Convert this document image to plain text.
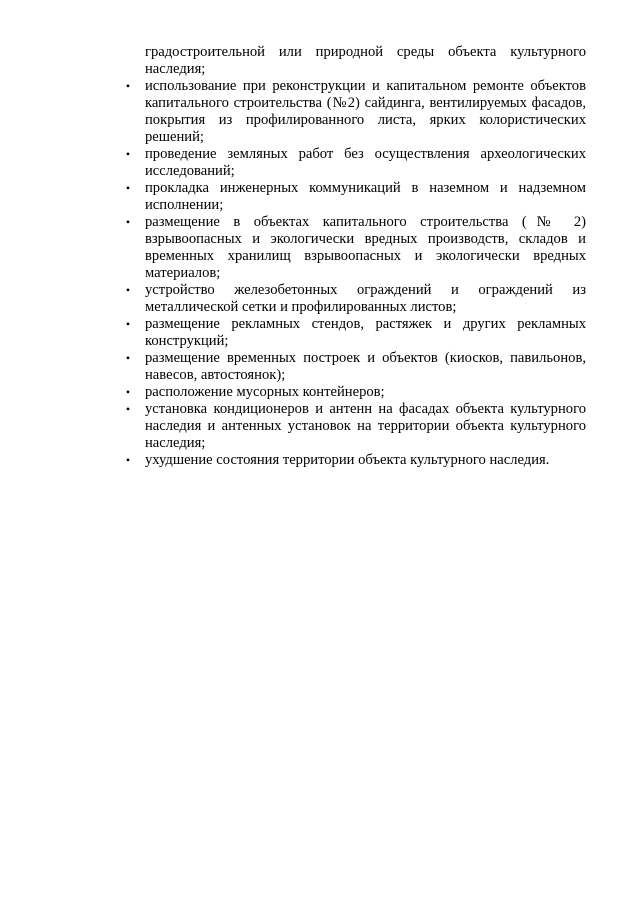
градостроительной или природной среды объекта культурного наследия;

• использование при реконструкции и капитальном ремонте объектов капитального строительства (№2) сайдинга, вентилируемых фасадов, покрытия из профилированного листа, ярких колористических решений;
• проведение земляных работ без осуществления археологических исследований;
• прокладка инженерных коммуникаций в наземном и надземном исполнении;
• размещение в объектах капитального строительства (№ 2) взрывоопасных и экологически вредных производств, складов и временных хранилищ взрывоопасных и экологически вредных материалов;
• устройство железобетонных ограждений и ограждений из металлической сетки и профилированных листов;
• размещение рекламных стендов, растяжек и других рекламных конструкций;
• размещение временных построек и объектов (киосков, павильонов, навесов, автостоянок);
• расположение мусорных контейнеров;
• установка кондиционеров и антенн на фасадах объекта культурного наследия и антенных установок на территории объекта культурного наследия;
• ухудшение состояния территории объекта культурного наследия.
